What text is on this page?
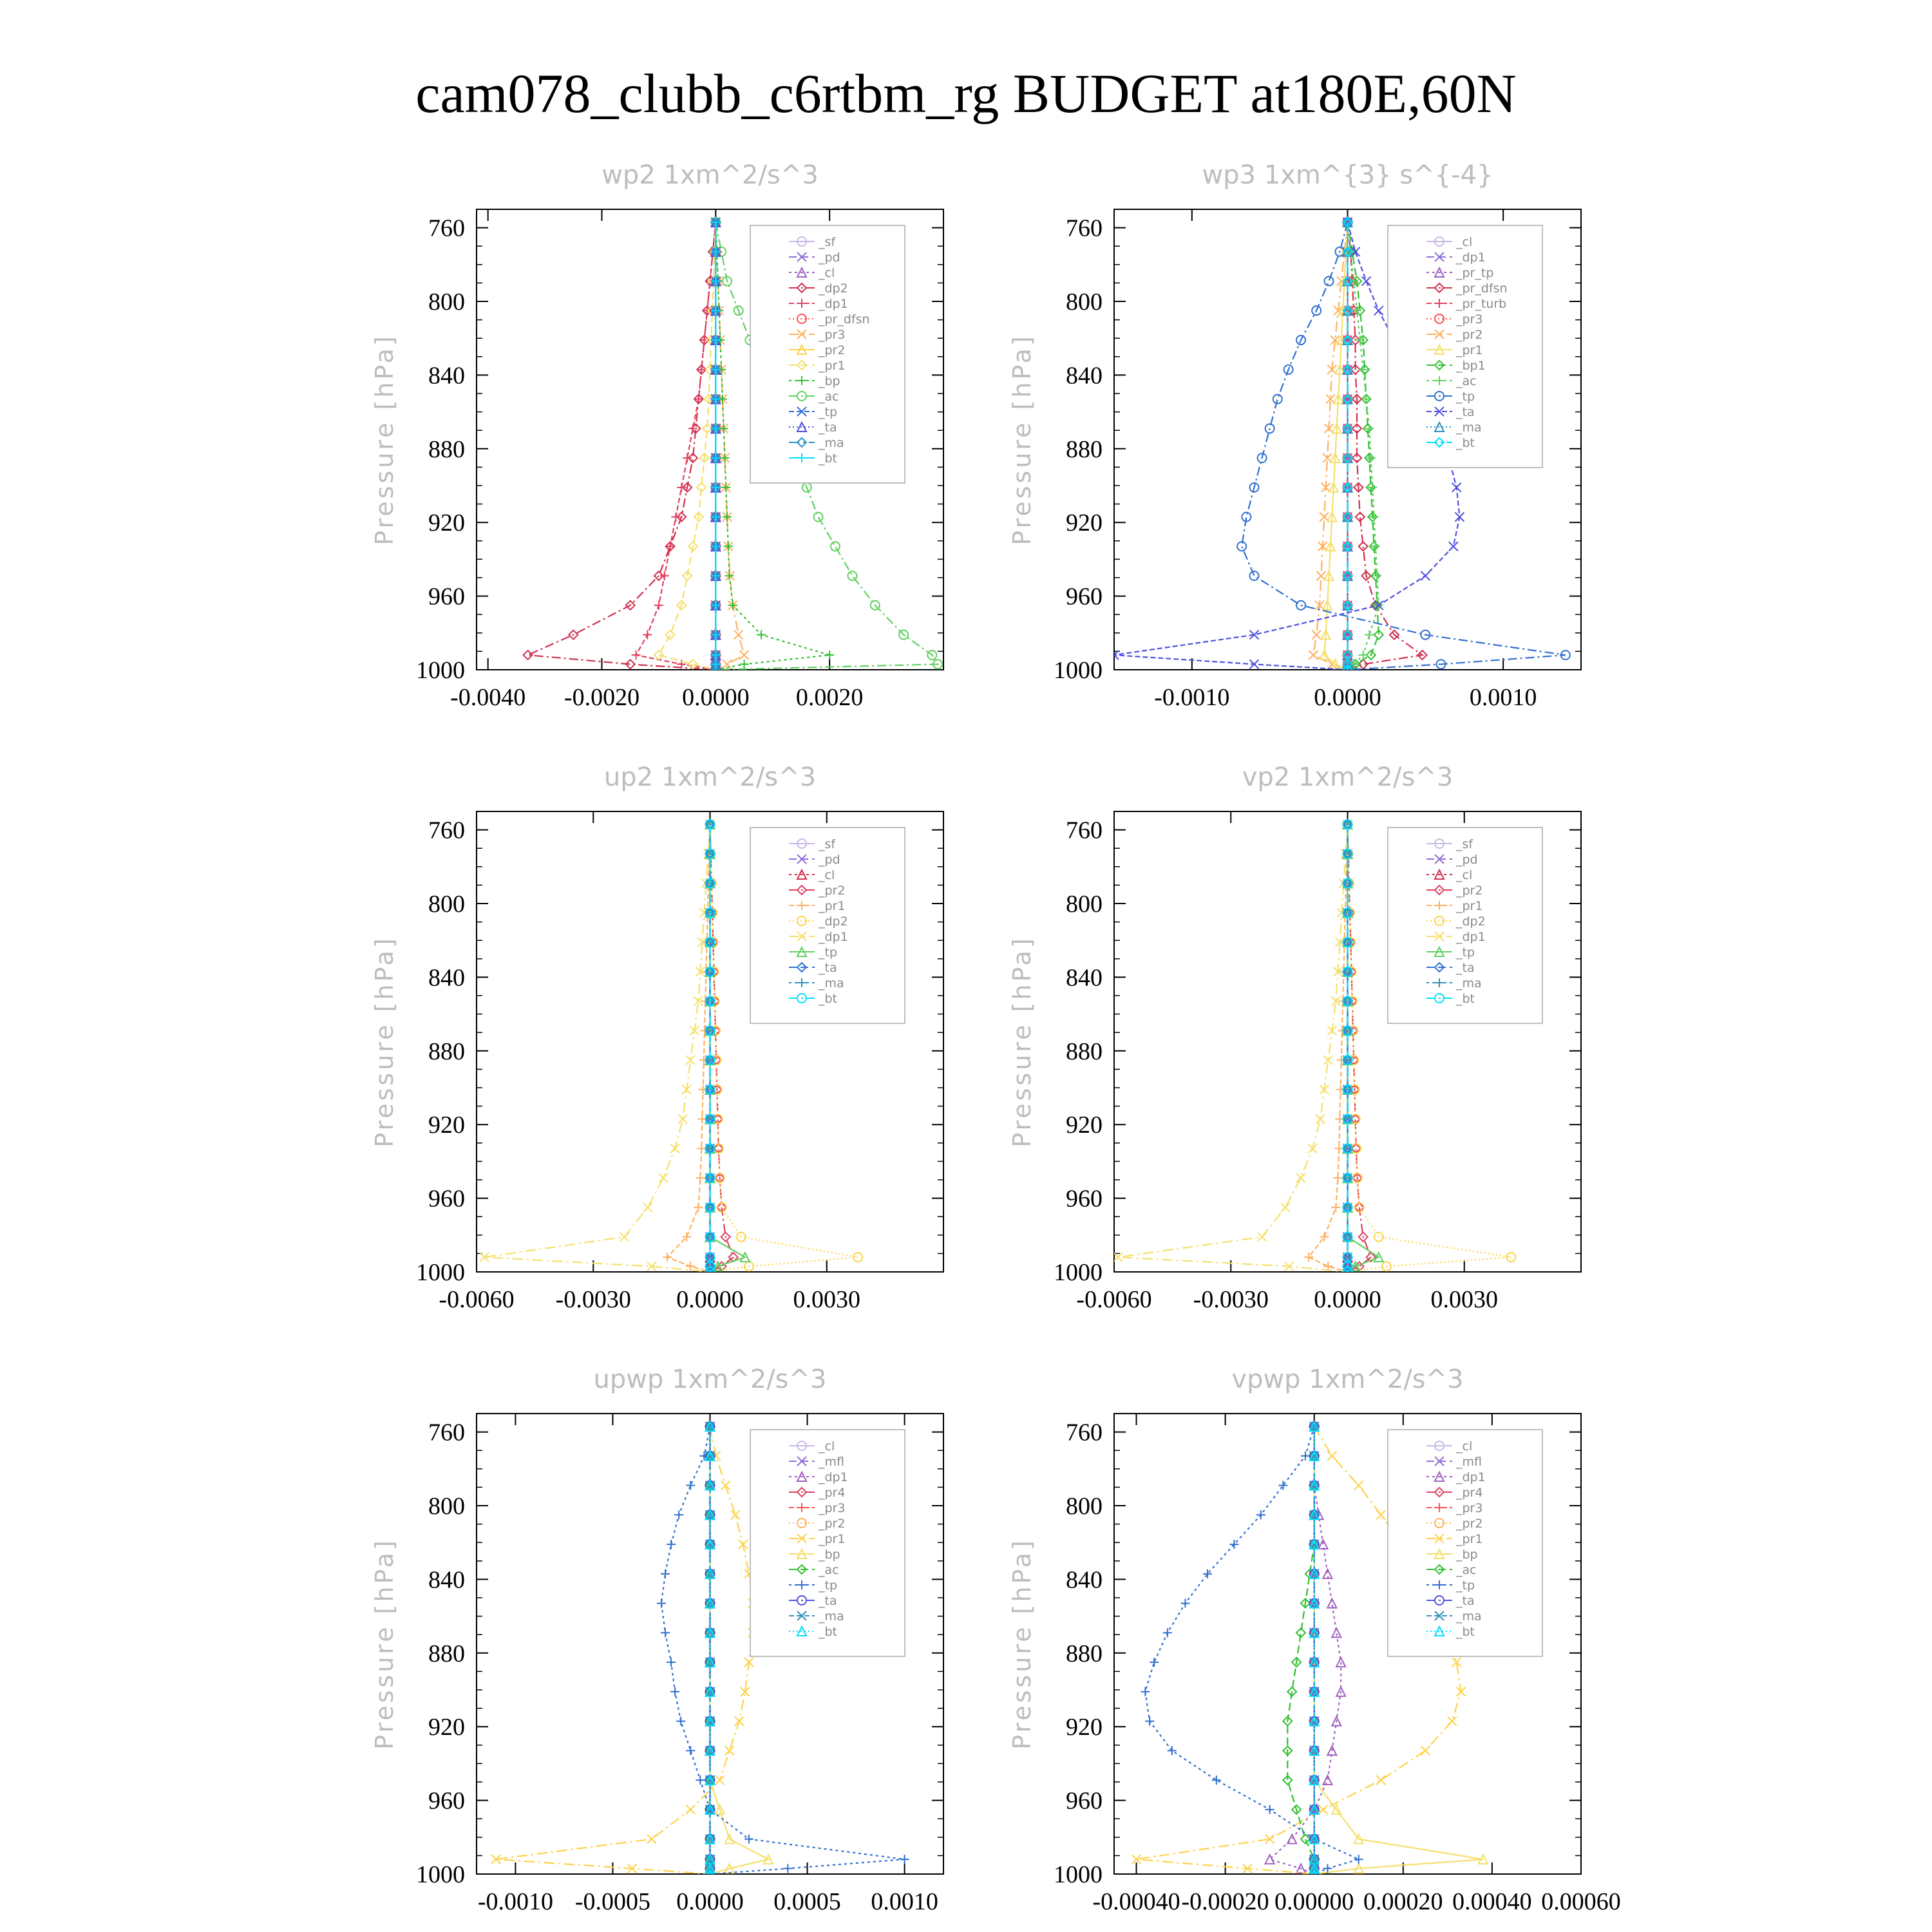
cam078_clubb_c6rtbm_rg BUDGET at180E,60N
wp2 1xm^2/s^3
Pressure [hPa]
760
800
840
880
920
960
1000
-0.0040 -0.0020 0.0000 0.0020
_sf
_pd
_cl
_dp2
_dp1
_pr_dfsn
_pr3
_pr2
_pr1
_bp
_ac
_tp
_ta
_ma
_bt
wp3 1xm^{3} s^{-4}
Pressure [hPa]
760
800
840
880
920
960
1000
-0.0010	0.0000	0.0010
_cl
_dp1
_pr_tp
_pr_dfsn
_pr_turb
_pr3
_pr2
_pr1
_bp1
_ac
_tp
_ta
_ma
_bt
up2 1xm^2/s^3
Pressure [hPa]
760
800
840
880
920
960
1000
-0.0060 -0.0030 0.0000 0.0030
_sf
_pd
_cl
_pr2
_pr1
_dp2
_dp1
_tp
_ta
_ma
_bt
vp2 1xm^2/s^3
Pressure [hPa]
760
800
840
880
920
960
1000
-0.0060 -0.0030 0.0000 0.0030
_sf
_pd
_cl
_pr2
_pr1
_dp2
_dp1
_tp
_ta
_ma
_bt
upwp 1xm^2/s^3
Pressure [hPa]
760
800
840
880
920
960
1000
-0.0010 -0.0005 0.0000 0.0005 0.0010
_cl
_mfl
_dp1
_pr4
_pr3
_pr2
_pr1
_bp
_ac
_tp
_ta
_ma
_bt
vpwp 1xm^2/s^3
Pressure [hPa]
760
800
840
880
920
960
1000
-0.00040 -0.00020 0.00000 0.00020 0.00040 0.00060
_cl
_mfl
_dp1
_pr4
_pr3
_pr2
_pr1
_bp
_ac
_tp
_ta
_ma
_bt
